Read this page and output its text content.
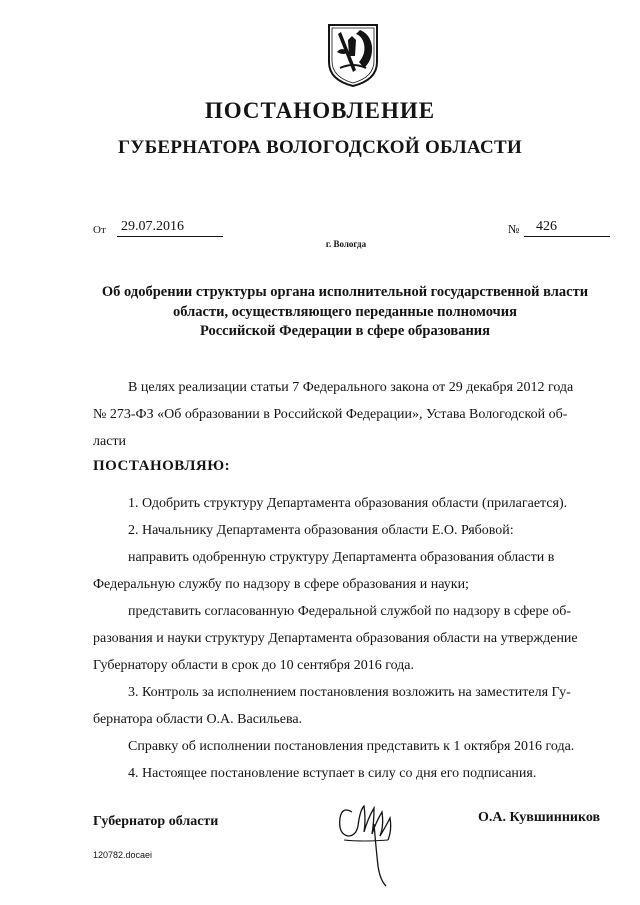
ПОСТАНОВЛЕНИЕ
ГУБЕРНАТОРА ВОЛОГОДСКОЙ ОБЛАСТИ
От 29.07.2016	№	426
г. Вологда
Об одобрении структуры органа исполнительной государственной власти
области, осуществляющего переданные полномочия
Российской Федерации в сфере образования
В целях реализации статьи 7 Федерального закона от 29 декабря 2012 года
№ 273-ФЗ «Об образовании в Российской Федерации», Устава Вологодской об-
ласти
ПОСТАНОВЛЯЮ:
1. Одобрить структуру Департамента образования области (прилагается).
2. Начальнику Департамента образования области Е.О. Рябовой:
направить одобренную структуру Департамента образования области в
Федеральную службу по надзору в сфере образования и науки;
представить согласованную Федеральной службой по надзору в сфере об-
разования и науки структуру Департамента образования области на утверждение
Губернатору области в срок до 10 сентября 2016 года.
3. Контроль за исполнением постановления возложить на заместителя Гу-
бернатора области О.А. Васильева.
Справку об исполнении постановления представить к 1 октября 2016 года.
4. Настоящее постановление вступает в силу со дня его подписания.
Губернатор области	О.А. Кувшинников
120782.docaei
